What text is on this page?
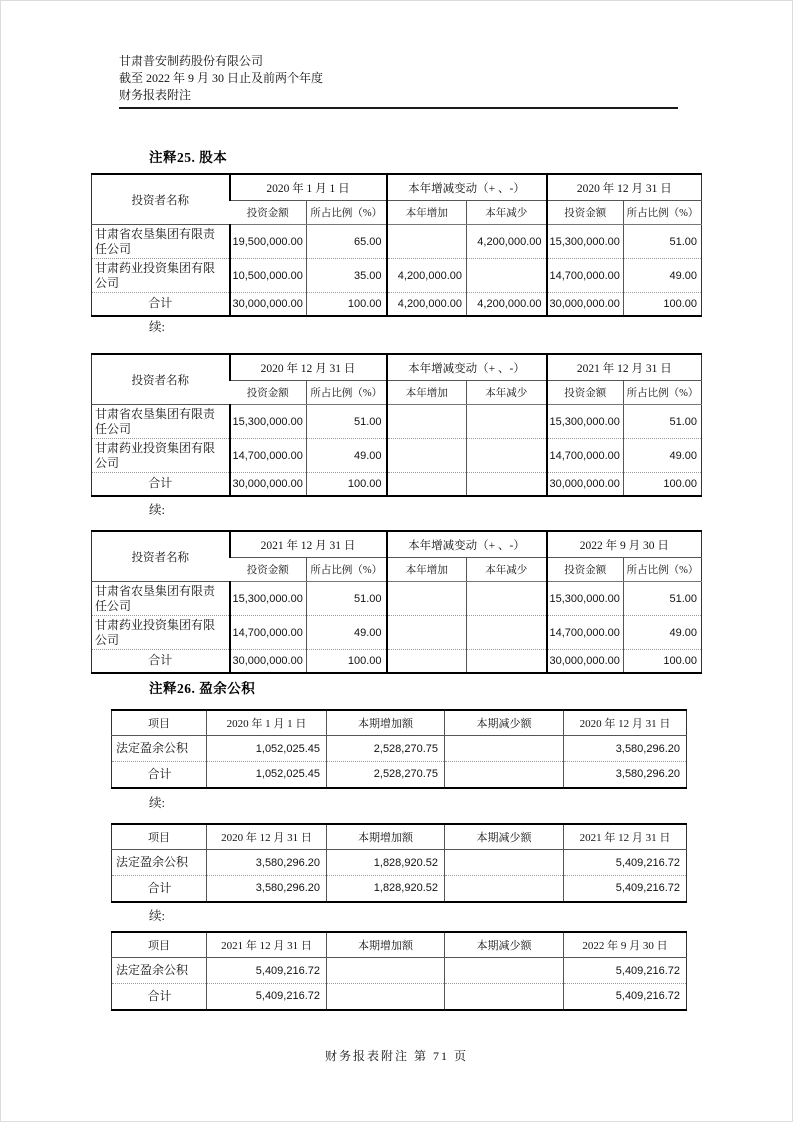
甘肃普安制药股份有限公司
截至 2022 年 9 月 30 日止及前两个年度
财务报表附注
注释25. 股本
投资者名称	2020 年 1 月 1 日		本年增减变动（+ 、-）		2020 年 12 月 31 日	
	投资金额	所占比例（%）	本年增加	本年减少	投资金额	所占比例（%）
甘肃省农垦集团有限责任公司	19,500,000.00	65.00		4,200,000.00	15,300,000.00	51.00
甘肃药业投资集团有限公司	10,500,000.00	35.00	4,200,000.00		14,700,000.00	49.00
合计	30,000,000.00	100.00	4,200,000.00	4,200,000.00	30,000,000.00	100.00
投资者名称	2020 年 12 月 31 日		本年增减变动（+ 、-）		2021 年 12 月 31 日	
	投资金额	所占比例（%）	本年增加	本年减少	投资金额	所占比例（%）
甘肃省农垦集团有限责任公司	15,300,000.00	51.00			15,300,000.00	51.00
甘肃药业投资集团有限公司	14,700,000.00	49.00			14,700,000.00	49.00
合计	30,000,000.00	100.00			30,000,000.00	100.00
投资者名称	2021 年 12 月 31 日		本年增减变动（+ 、-）		2022 年 9 月 30 日	
	投资金额	所占比例（%）	本年增加	本年减少	投资金额	所占比例（%）
甘肃省农垦集团有限责任公司	15,300,000.00	51.00			15,300,000.00	51.00
甘肃药业投资集团有限公司	14,700,000.00	49.00			14,700,000.00	49.00
合计	30,000,000.00	100.00			30,000,000.00	100.00
续:
续:
注释26. 盈余公积
项目	2020 年 1 月 1 日	本期增加额	本期减少额	2020 年 12 月 31 日
法定盈余公积	1,052,025.45	2,528,270.75		3,580,296.20
合计	1,052,025.45	2,528,270.75		3,580,296.20
项目	2020 年 12 月 31 日	本期增加额	本期减少额	2021 年 12 月 31 日
法定盈余公积	3,580,296.20	1,828,920.52		5,409,216.72
合计	3,580,296.20	1,828,920.52		5,409,216.72
项目	2021 年 12 月 31 日	本期增加额	本期减少额	2022 年 9 月 30 日
法定盈余公积	5,409,216.72			5,409,216.72
合计	5,409,216.72			5,409,216.72
续:
续:
财务报表附注 第 71 页
